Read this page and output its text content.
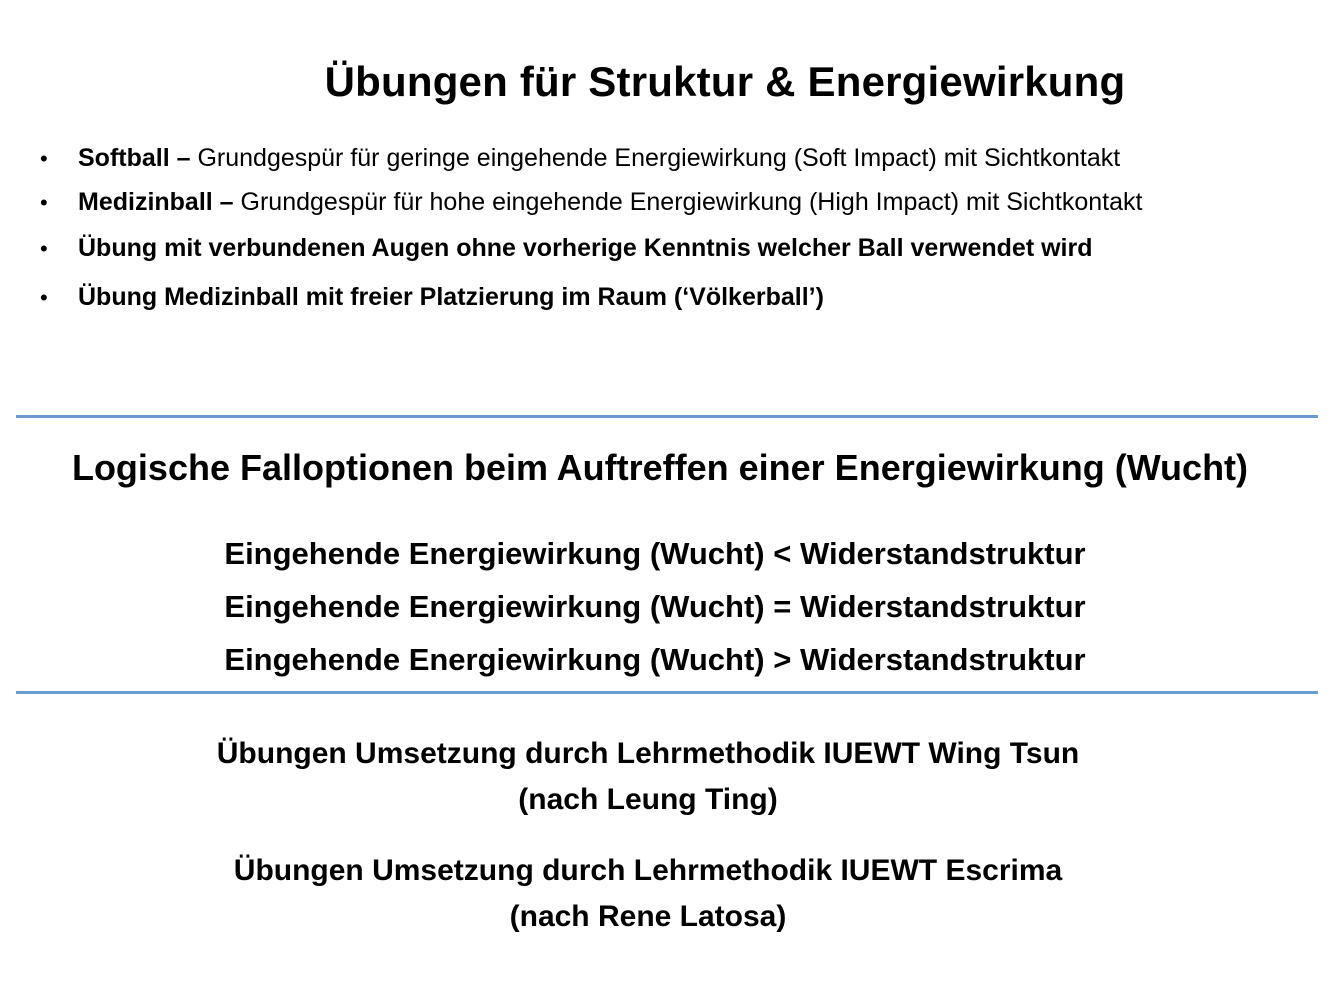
Übungen für Struktur & Energiewirkung
• Softball – Grundgespür für geringe eingehende Energiewirkung (Soft Impact) mit Sichtkontakt
• Medizinball – Grundgespür für hohe eingehende Energiewirkung (High Impact) mit Sichtkontakt
• Übung mit verbundenen Augen ohne vorherige Kenntnis welcher Ball verwendet wird
• Übung Medizinball mit freier Platzierung im Raum (‘Völkerball’)
Logische Falloptionen beim Auftreffen einer Energiewirkung (Wucht)
Eingehende Energiewirkung (Wucht) < Widerstandstruktur
Eingehende Energiewirkung (Wucht) = Widerstandstruktur
Eingehende Energiewirkung (Wucht) > Widerstandstruktur
Übungen Umsetzung durch Lehrmethodik IUEWT Wing Tsun
(nach Leung Ting)
Übungen Umsetzung durch Lehrmethodik IUEWT Escrima
(nach Rene Latosa)
